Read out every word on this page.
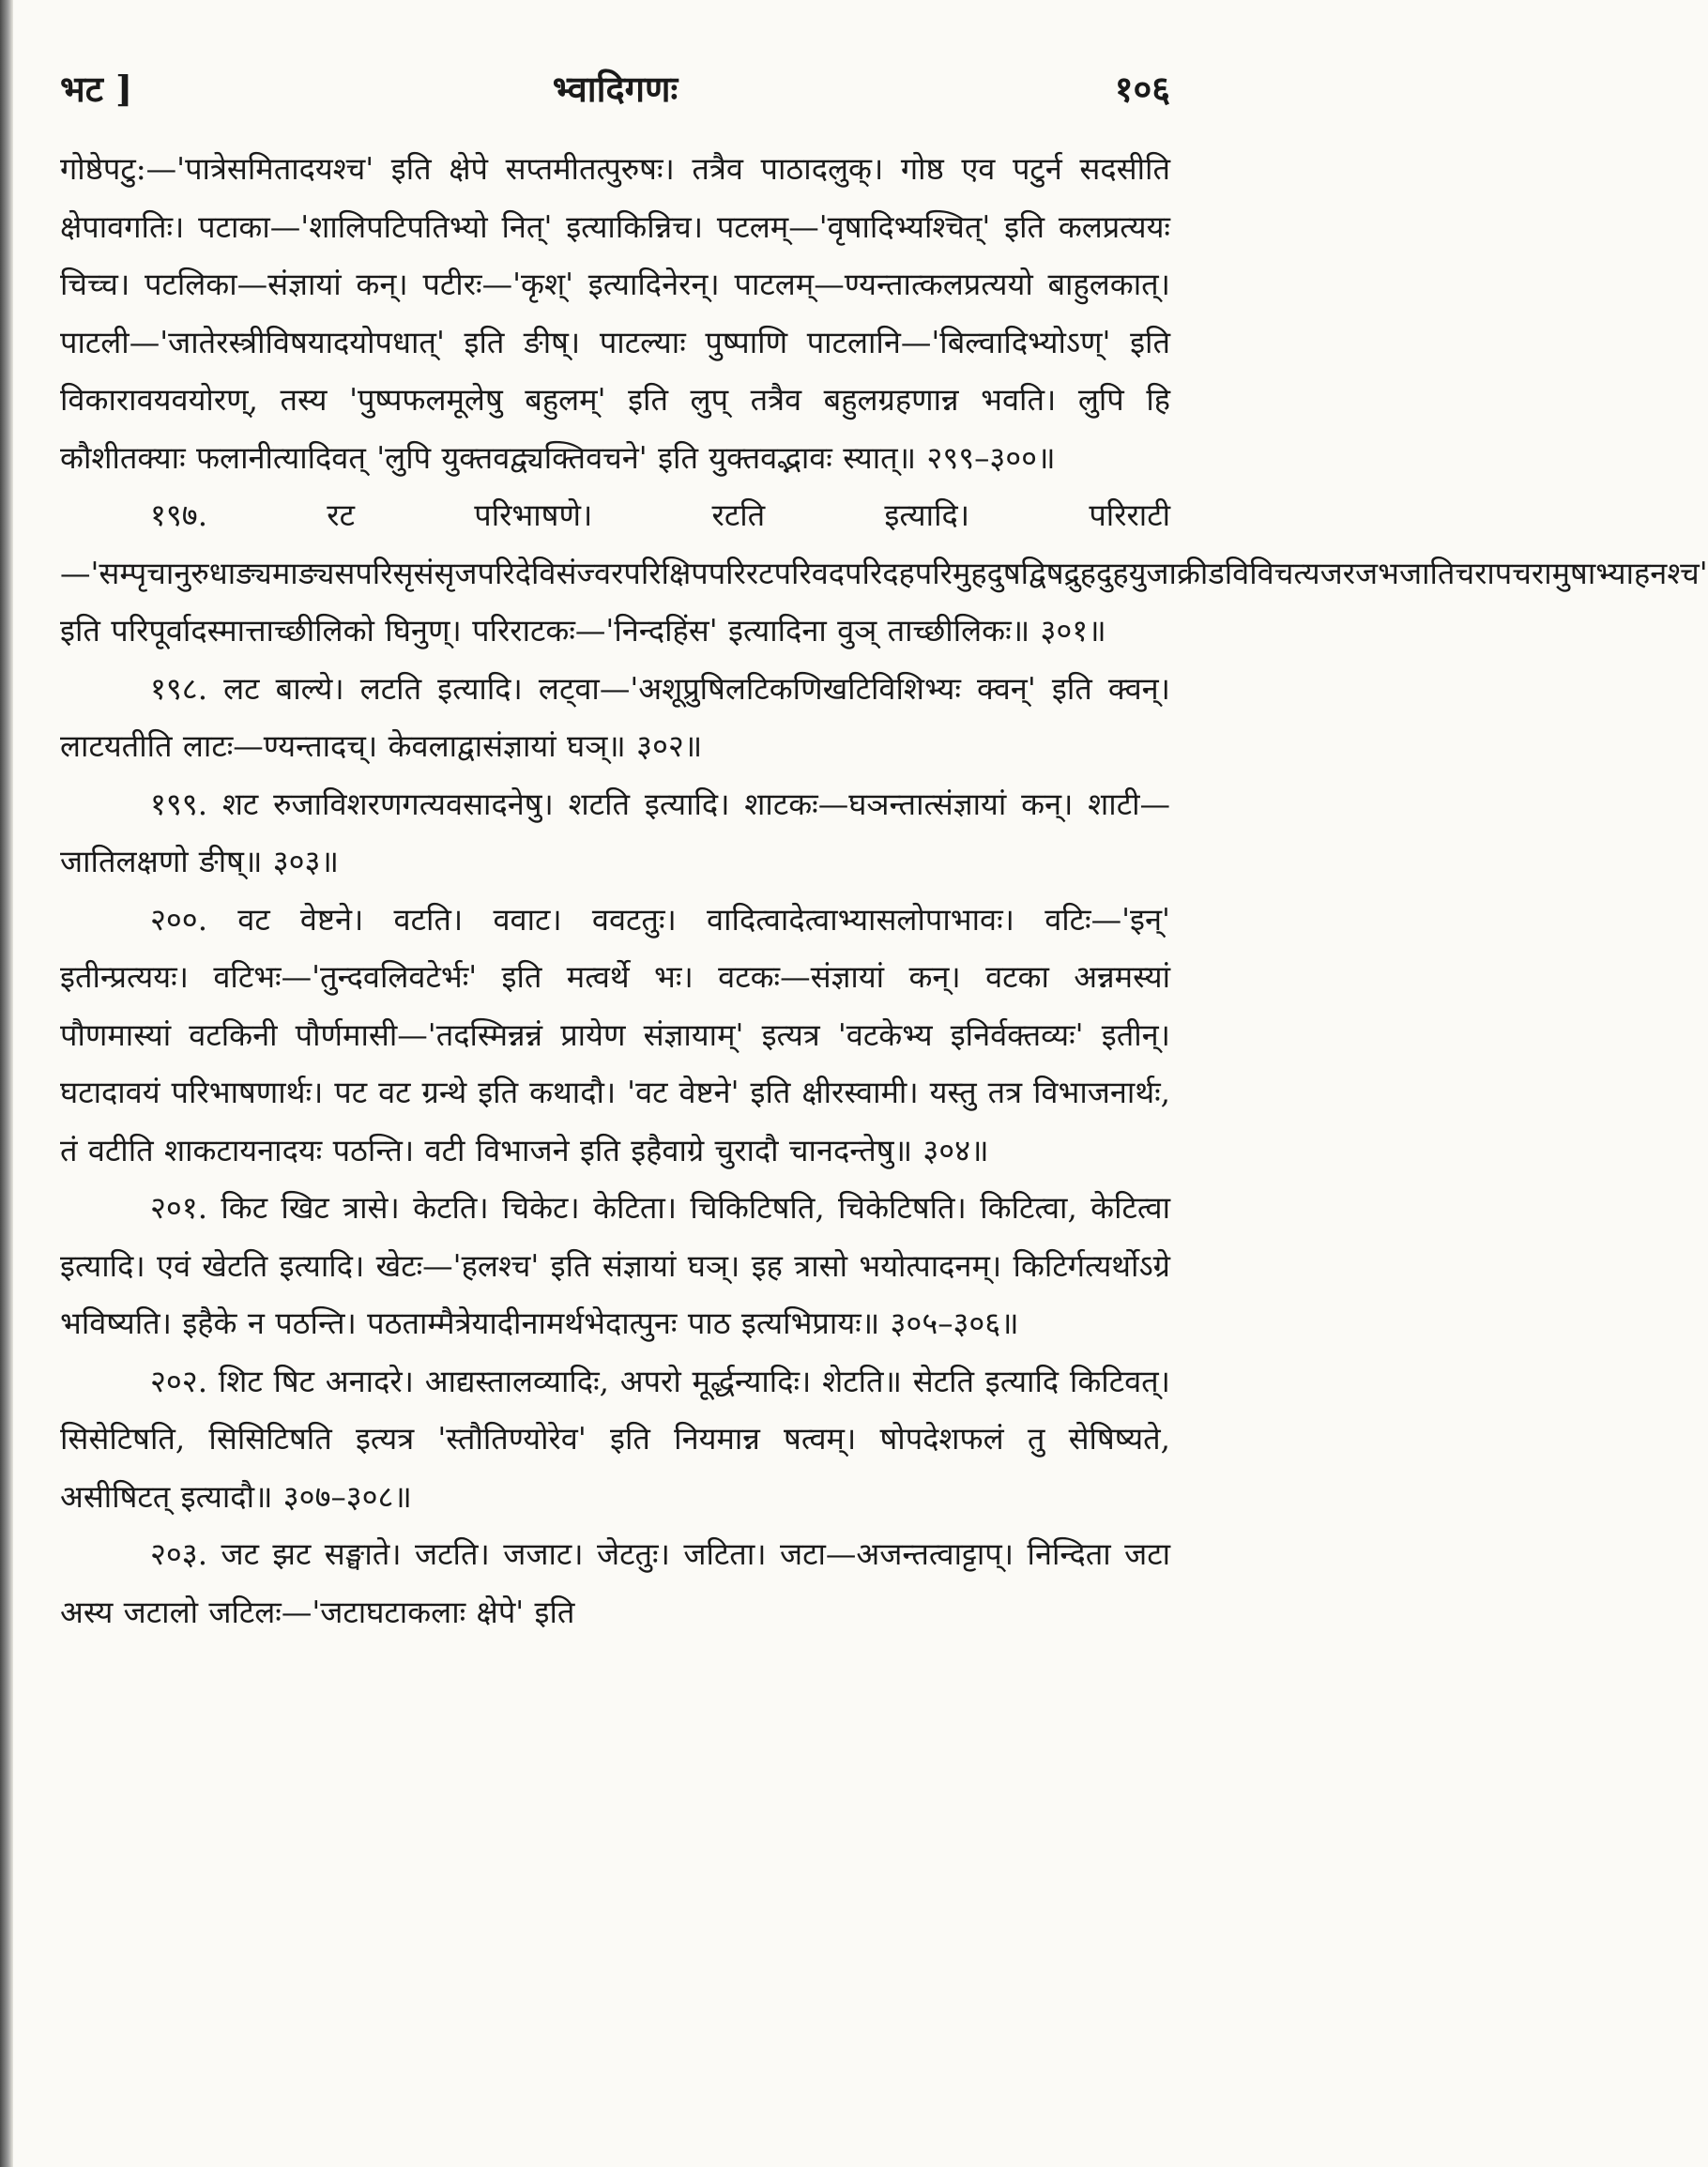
भट ]	भ्वादिगणः	१०६

गोष्ठेपटु:—'पात्रेसमितादयश्च' इति क्षेपे सप्तमीतत्पुरुषः। तत्रैव पाठादलुक्। गोष्ठ एव पटुर्न सदसीति क्षेपावगतिः। पटाका—'शालिपटिपतिभ्यो नित्' इत्याकिन्निच। पटलम्—'वृषादिभ्यश्चित्' इति कलप्रत्ययः चिच्च। पटलिका—संज्ञायां कन्। पटीरः—'कृश्' इत्यादिनेरन्। पाटलम्—ण्यन्तात्कलप्रत्ययो बाहुलकात्। पाटली—'जातेरस्त्रीविषयादयोपधात्' इति ङीष्। पाटल्याः पुष्पाणि पाटलानि—'बिल्वादिभ्योऽण्' इति विकारावयवयोरण्, तस्य 'पुष्पफलमूलेषु बहुलम्' इति लुप् तत्रैव बहुलग्रहणान्न भवति। लुपि हि कौशीतक्याः फलानीत्यादिवत् 'लुपि युक्तवद्व्यक्तिवचने' इति युक्तवद्भावः स्यात्॥ २९९–३००॥

१९७. रट परिभाषणे। रटति इत्यादि। परिराटी—'सम्पृचानुरुधाङ्यमाङ्यसपरिसृसंसृजपरिदेविसंज्वरपरिक्षिपपरिरटपरिवदपरिदहपरिमुहदुषद्विषद्रुहदुहयुजाक्रीडविविचत्यजरजभजातिचरापचरामुषाभ्याहनश्च' इति परिपूर्वादस्मात्ताच्छीलिको घिनुण्। परिराटकः—'निन्दहिंस' इत्यादिना वुञ् ताच्छीलिकः॥ ३०१॥

१९८. लट बाल्ये। लटति इत्यादि। लट्वा—'अशूप्रुषिलटिकणिखटिविशिभ्यः क्वन्' इति क्वन्। लाटयतीति लाटः—ण्यन्तादच्। केवलाद्वासंज्ञायां घञ्॥ ३०२॥

१९९. शट रुजाविशरणगत्यवसादनेषु। शटति इत्यादि। शाटकः—घञन्तात्संज्ञायां कन्। शाटी—जातिलक्षणो ङीष्॥ ३०३॥

२००. वट वेष्टने। वटति। ववाट। ववटतुः। वादित्वादेत्वाभ्यासलोपाभावः। वटिः—'इन्' इतीन्प्रत्ययः। वटिभः—'तुन्दवलिवटेर्भः' इति मत्वर्थे भः। वटकः—संज्ञायां कन्। वटका अन्नमस्यां पौणमास्यां वटकिनी पौर्णमासी—'तदस्मिन्नन्नं प्रायेण संज्ञायाम्' इत्यत्र 'वटकेभ्य इनिर्वक्तव्यः' इतीन्। घटादावयं परिभाषणार्थः। पट वट ग्रन्थे इति कथादौ। 'वट वेष्टने' इति क्षीरस्वामी। यस्तु तत्र विभाजनार्थः, तं वटीति शाकटायनादयः पठन्ति। वटी विभाजने इति इहैवाग्रे चुरादौ चानदन्तेषु॥ ३०४॥

२०१. किट खिट त्रासे। केटति। चिकेट। केटिता। चिकिटिषति, चिकेटिषति। किटित्वा, केटित्वा इत्यादि। एवं खेटति इत्यादि। खेटः—'हलश्च' इति संज्ञायां घञ्। इह त्रासो भयोत्पादनम्। किटिर्गत्यर्थोऽग्रे भविष्यति। इहैके न पठन्ति। पठताम्मैत्रेयादीनामर्थभेदात्पुनः पाठ इत्यभिप्रायः॥ ३०५–३०६॥

२०२. शिट षिट अनादरे। आद्यस्तालव्यादिः, अपरो मूर्द्धन्यादिः। शेटति॥ सेटति इत्यादि किटिवत्। सिसेटिषति, सिसिटिषति इत्यत्र 'स्तौतिण्योरेव' इति नियमान्न षत्वम्। षोपदेशफलं तु सेषिष्यते, असीषिटत् इत्यादौ॥ ३०७–३०८॥

२०३. जट झट सङ्घाते। जटति। जजाट। जेटतुः। जटिता। जटा—अजन्तत्वाट्टाप्। निन्दिता जटा अस्य जटालो जटिलः—'जटाघटाकलाः क्षेपे' इति
